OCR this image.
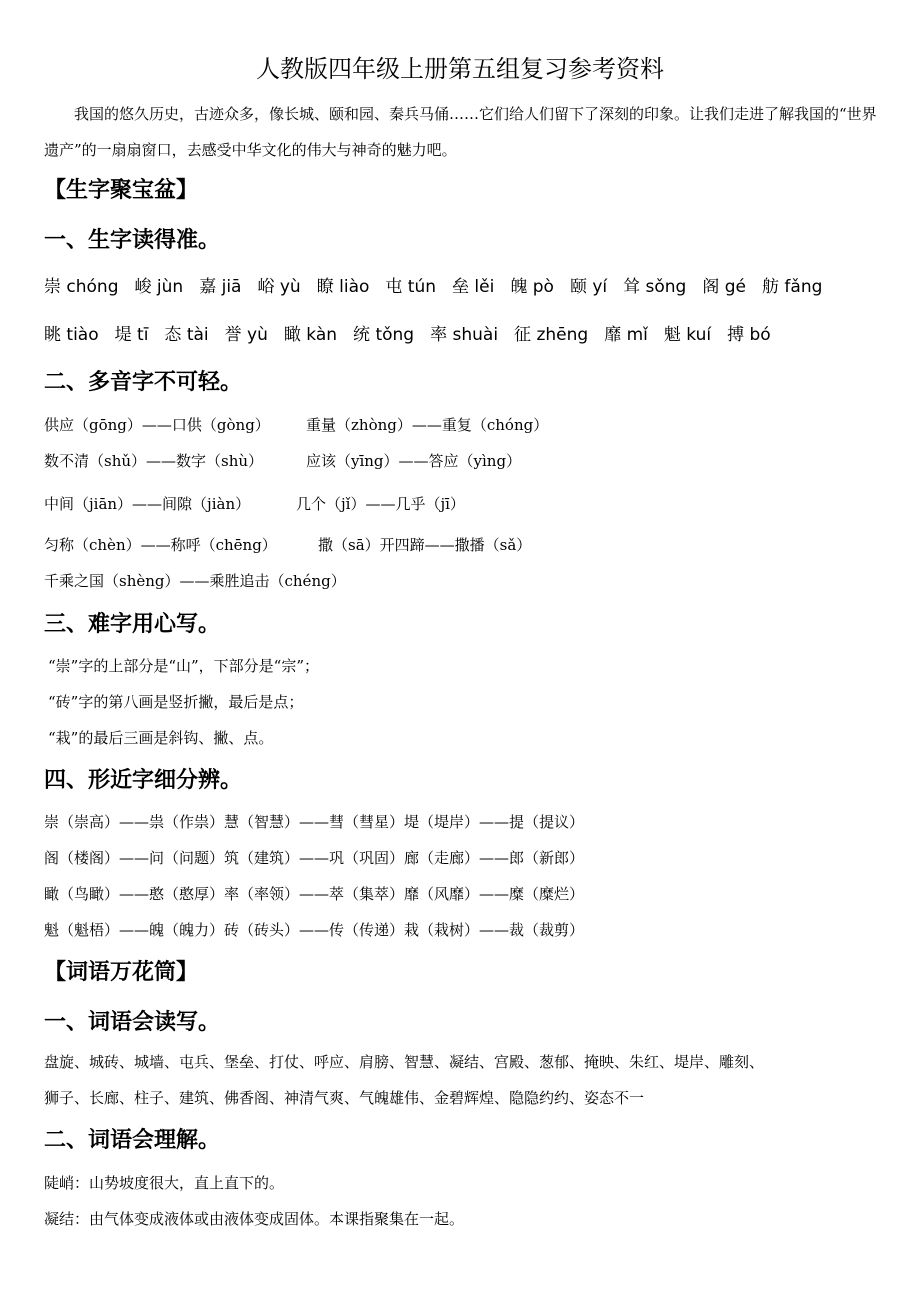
人教版四年级上册第五组复习参考资料
我国的悠久历史，古迹众多，像长城、颐和园、秦兵马俑……它们给人们留下了深刻的印象。让我们走进了解我国的“世界遗产”的一扇扇窗口，去感受中华文化的伟大与神奇的魅力吧。
【生字聚宝盆】
一、生字读得准。
崇 chóng 峻 jùn 嘉 jiā 峪 yù 瞭 liào 屯 tún 垒 lěi 魄 pò 颐 yí 耸 sǒng 阁 gé 舫 fǎng
眺 tiào 堤 tī 态 tài 誉 yù 瞰 kàn 统 tǒng 率 shuài 征 zhēng 靡 mǐ 魁 kuí 搏 bó
二、多音字不可轻。
供应（gōng）——口供（gòng） 重量（zhòng）——重复（chóng）
数不清（shǔ）——数字（shù）	应该（yīng）——答应（yìng）
中间（jiān）——间隙（jiàn）	几个（jǐ）——几乎（jī）
匀称（chèn）——称呼（chēng）	撒（sā）开四蹄——撒播（sǎ）
千乘之国（shèng）——乘胜追击（chéng）
三、难字用心写。
“崇”字的上部分是“山”，下部分是“宗”；
“砖”字的第八画是竖折撇，最后是点；
“栽”的最后三画是斜钩、撇、点。
四、形近字细分辨。
崇（崇高）——祟（作祟）慧（智慧）——彗（彗星）堤（堤岸）——提（提议）
阁（楼阁）——问（问题）筑（建筑）——巩（巩固）廊（走廊）——郎（新郎）
瞰（鸟瞰）——憨（憨厚）率（率领）——萃（集萃）靡（风靡）——糜（糜烂）
魁（魁梧）——魄（魄力）砖（砖头）——传（传递）栽（栽树）——裁（裁剪）
【词语万花筒】
一、词语会读写。
盘旋、城砖、城墙、屯兵、堡垒、打仗、呼应、肩膀、智慧、凝结、宫殿、葱郁、掩映、朱红、堤岸、雕刻、
狮子、长廊、柱子、建筑、佛香阁、神清气爽、气魄雄伟、金碧辉煌、隐隐约约、姿态不一
二、词语会理解。
陡峭：山势坡度很大，直上直下的。
凝结：由气体变成液体或由液体变成固体。本课指聚集在一起。
